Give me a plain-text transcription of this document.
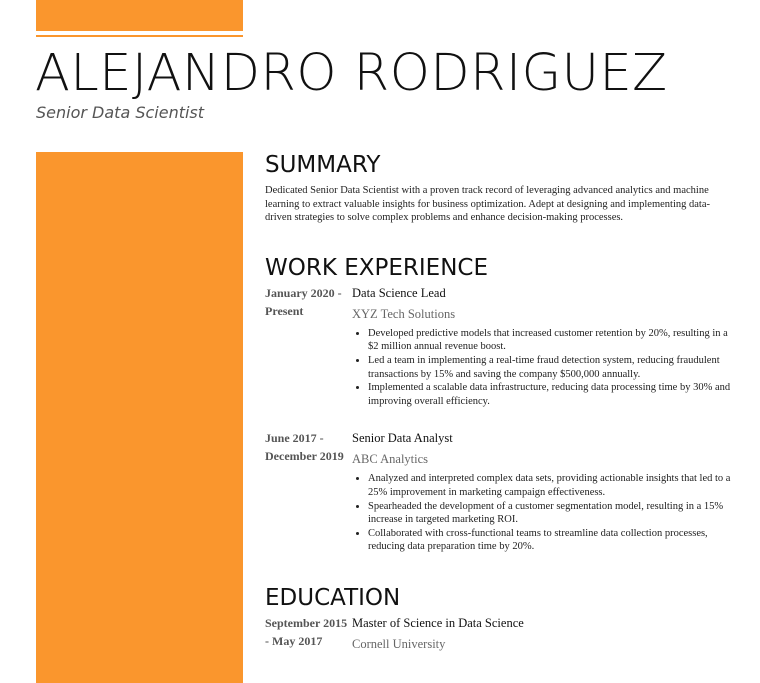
ALEJANDRO RODRIGUEZ
Senior Data Scientist
SUMMARY

Dedicated Senior Data Scientist with a proven track record of leveraging advanced analytics and machine learning to extract valuable insights for business optimization. Adept at designing and implementing data-driven strategies to solve complex problems and enhance decision-making processes.

WORK EXPERIENCE
January 2020 - Present
Data Science Lead
XYZ Tech Solutions
• Developed predictive models that increased customer retention by 20%, resulting in a $2 million annual revenue boost.
• Led a team in implementing a real-time fraud detection system, reducing fraudulent transactions by 15% and saving the company $500,000 annually.
• Implemented a scalable data infrastructure, reducing data processing time by 30% and improving overall efficiency.
June 2017 - December 2019
Senior Data Analyst
ABC Analytics
• Analyzed and interpreted complex data sets, providing actionable insights that led to a 25% improvement in marketing campaign effectiveness.
• Spearheaded the development of a customer segmentation model, resulting in a 15% increase in targeted marketing ROI.
• Collaborated with cross-functional teams to streamline data collection processes, reducing data preparation time by 20%.
EDUCATION
September 2015 - May 2017
Master of Science in Data Science
Cornell University
